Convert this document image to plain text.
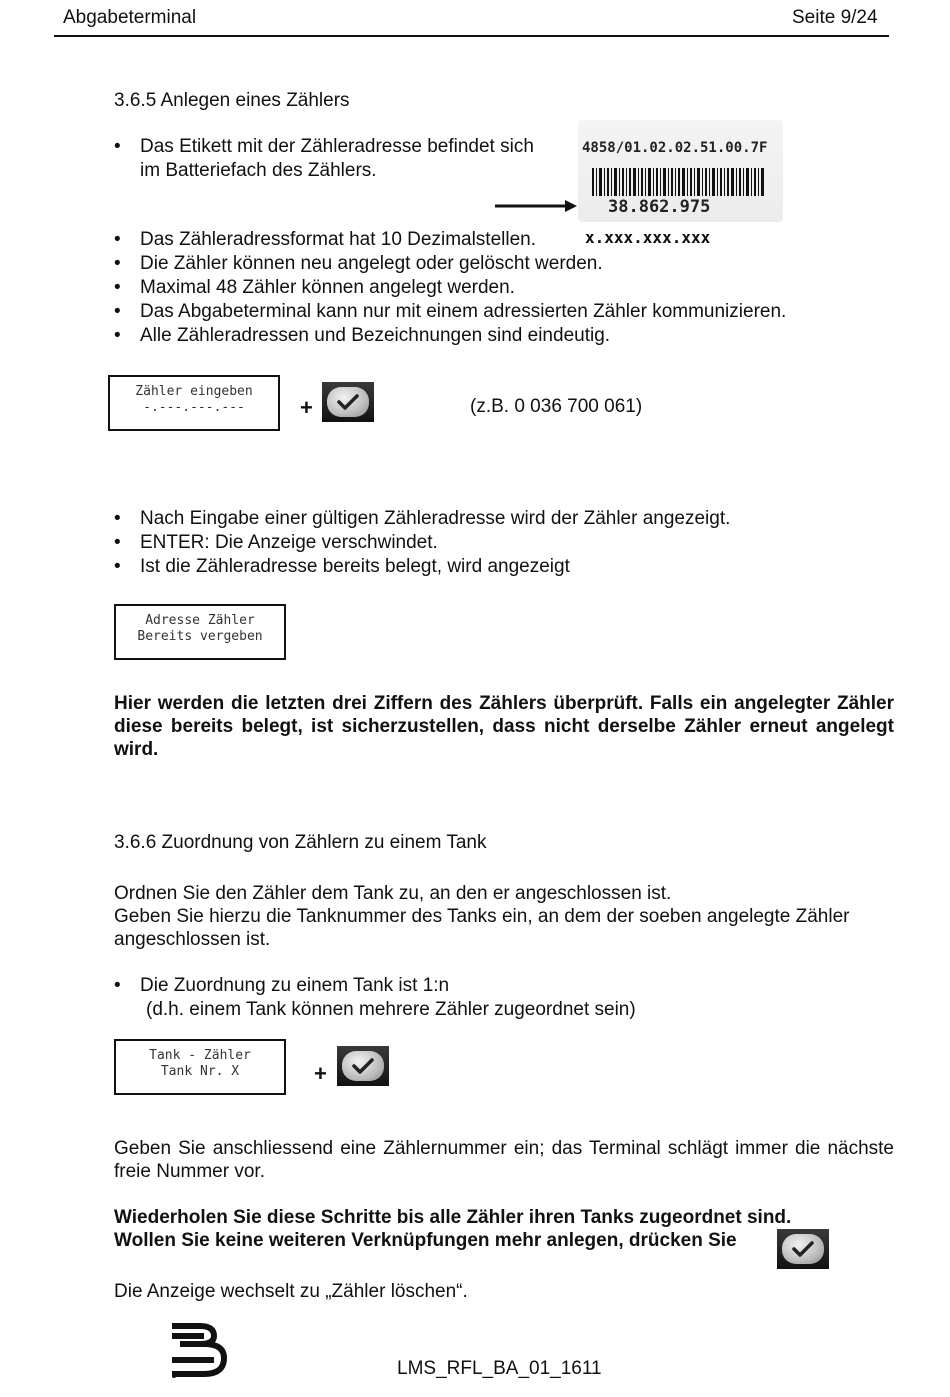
Abgabeterminal	Seite 9/24
3.6.5 Anlegen eines Zählers
• Das Etikett mit der Zähleradresse befindet sich
im Batteriefach des Zählers.
4858/01.02.02.51.00.7F
38.862.975
x.xxx.xxx.xxx
• Das Zähleradressformat hat 10 Dezimalstellen.
• Die Zähler können neu angelegt oder gelöscht werden.
• Maximal 48 Zähler können angelegt werden.
• Das Abgabeterminal kann nur mit einem adressierten Zähler kommunizieren.
• Alle Zähleradressen und Bezeichnungen sind eindeutig.
Zähler eingeben
-.---.---.---	+	(z.B. 0 036 700 061)
• Nach Eingabe einer gültigen Zähleradresse wird der Zähler angezeigt.
• ENTER: Die Anzeige verschwindet.
• Ist die Zähleradresse bereits belegt, wird angezeigt
Adresse Zähler
Bereits vergeben
Hier werden die letzten drei Ziffern des Zählers überprüft. Falls ein angelegter Zähler diese bereits belegt, ist sicherzustellen, dass nicht derselbe Zähler erneut angelegt wird.
3.6.6 Zuordnung von Zählern zu einem Tank
Ordnen Sie den Zähler dem Tank zu, an den er angeschlossen ist.
Geben Sie hierzu die Tanknummer des Tanks ein, an dem der soeben angelegte Zähler angeschlossen ist.
• Die Zuordnung zu einem Tank ist 1:n
(d.h. einem Tank können mehrere Zähler zugeordnet sein)
Tank - Zähler
Tank Nr. X	+
Geben Sie anschliessend eine Zählernummer ein; das Terminal schlägt immer die nächste freie Nummer vor.
Wiederholen Sie diese Schritte bis alle Zähler ihren Tanks zugeordnet sind.
Wollen Sie keine weiteren Verknüpfungen mehr anlegen, drücken Sie
Die Anzeige wechselt zu „Zähler löschen“.
LMS_RFL_BA_01_1611
